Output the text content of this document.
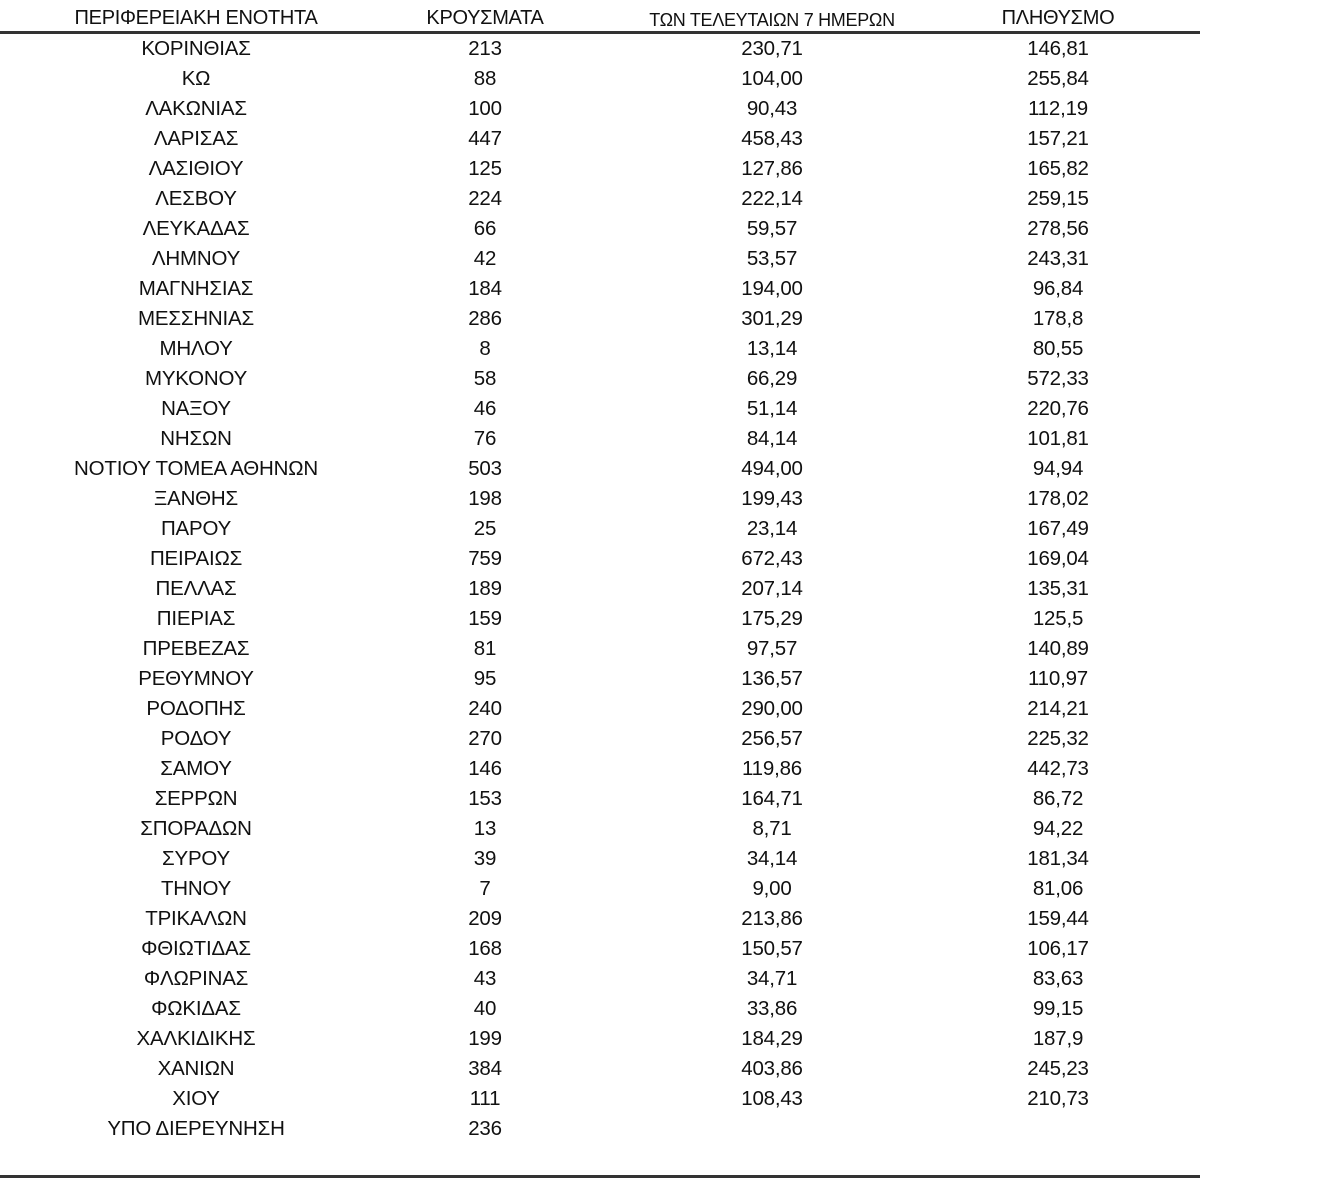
ΠΕΡΙΦΕΡΕΙΑΚΗ ΕΝΟΤΗΤΑ	ΚΡΟΥΣΜΑΤΑ	ΤΩΝ ΤΕΛΕΥΤΑΙΩΝ 7 ΗΜΕΡΩΝ	ΠΛΗΘΥΣΜΟ
ΚΟΡΙΝΘΙΑΣ	213	230,71	146,81
ΚΩ	88	104,00	255,84
ΛΑΚΩΝΙΑΣ	100	90,43	112,19
ΛΑΡΙΣΑΣ	447	458,43	157,21
ΛΑΣΙΘΙΟΥ	125	127,86	165,82
ΛΕΣΒΟΥ	224	222,14	259,15
ΛΕΥΚΑΔΑΣ	66	59,57	278,56
ΛΗΜΝΟΥ	42	53,57	243,31
ΜΑΓΝΗΣΙΑΣ	184	194,00	96,84
ΜΕΣΣΗΝΙΑΣ	286	301,29	178,8
ΜΗΛΟΥ	8	13,14	80,55
ΜΥΚΟΝΟΥ	58	66,29	572,33
ΝΑΞΟΥ	46	51,14	220,76
ΝΗΣΩΝ	76	84,14	101,81
ΝΟΤΙΟΥ ΤΟΜΕΑ ΑΘΗΝΩΝ	503	494,00	94,94
ΞΑΝΘΗΣ	198	199,43	178,02
ΠΑΡΟΥ	25	23,14	167,49
ΠΕΙΡΑΙΩΣ	759	672,43	169,04
ΠΕΛΛΑΣ	189	207,14	135,31
ΠΙΕΡΙΑΣ	159	175,29	125,5
ΠΡΕΒΕΖΑΣ	81	97,57	140,89
ΡΕΘΥΜΝΟΥ	95	136,57	110,97
ΡΟΔΟΠΗΣ	240	290,00	214,21
ΡΟΔΟΥ	270	256,57	225,32
ΣΑΜΟΥ	146	119,86	442,73
ΣΕΡΡΩΝ	153	164,71	86,72
ΣΠΟΡΑΔΩΝ	13	8,71	94,22
ΣΥΡΟΥ	39	34,14	181,34
ΤΗΝΟΥ	7	9,00	81,06
ΤΡΙΚΑΛΩΝ	209	213,86	159,44
ΦΘΙΩΤΙΔΑΣ	168	150,57	106,17
ΦΛΩΡΙΝΑΣ	43	34,71	83,63
ΦΩΚΙΔΑΣ	40	33,86	99,15
ΧΑΛΚΙΔΙΚΗΣ	199	184,29	187,9
ΧΑΝΙΩΝ	384	403,86	245,23
ΧΙΟΥ	111	108,43	210,73
ΥΠΟ ΔΙΕΡΕΥΝΗΣΗ	236
